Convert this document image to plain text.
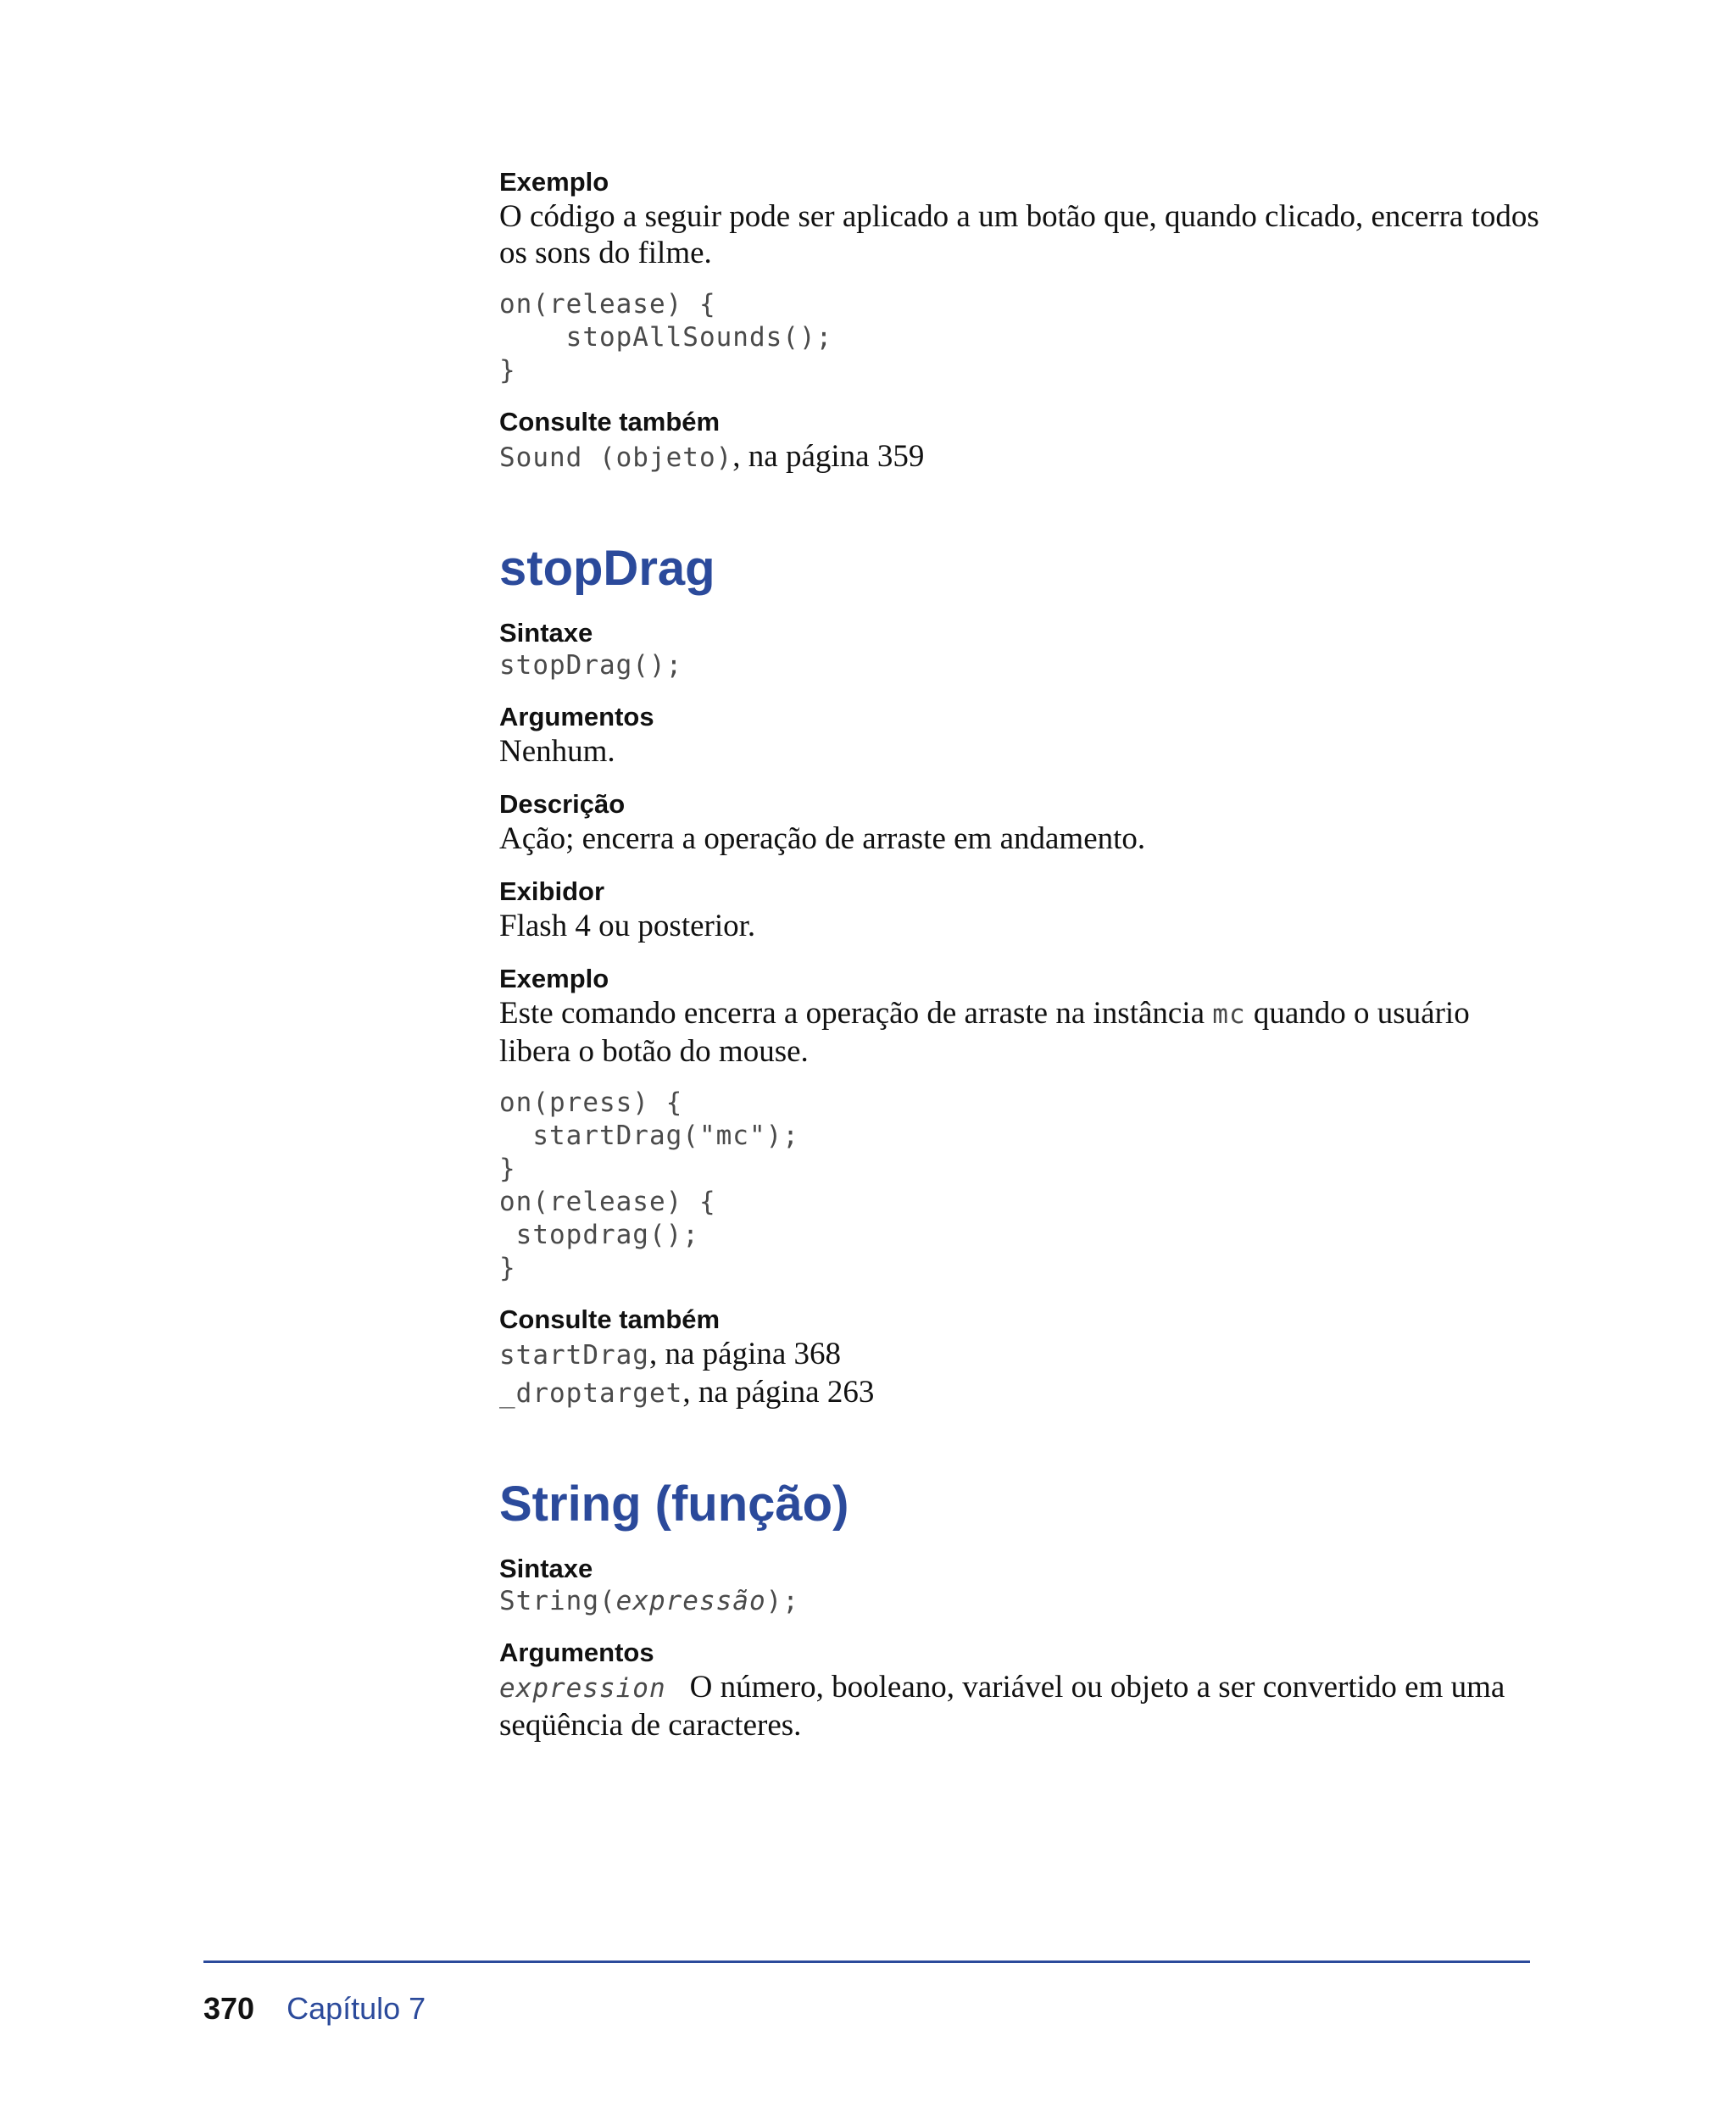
Exemplo

O código a seguir pode ser aplicado a um botão que, quando clicado, encerra todos os sons do filme.

on(release) {

stopAllSounds();

}

Consulte também

Sound (objeto), na página 359

stopDrag

Sintaxe

stopDrag();

Argumentos

Nenhum.

Descrição

Ação; encerra a operação de arraste em andamento.

Exibidor

Flash 4 ou posterior.

Exemplo

Este comando encerra a operação de arraste na instância mc quando o usuário libera o botão do mouse.

on(press) {

startDrag("mc");

}

on(release) {

stopdrag();

}

Consulte também

startDrag, na página 368

_droptarget, na página 263

String (função)

Sintaxe

String(expressão);

Argumentos

expression O número, booleano, variável ou objeto a ser convertido em uma seqüência de caracteres.

370 Capítulo 7
